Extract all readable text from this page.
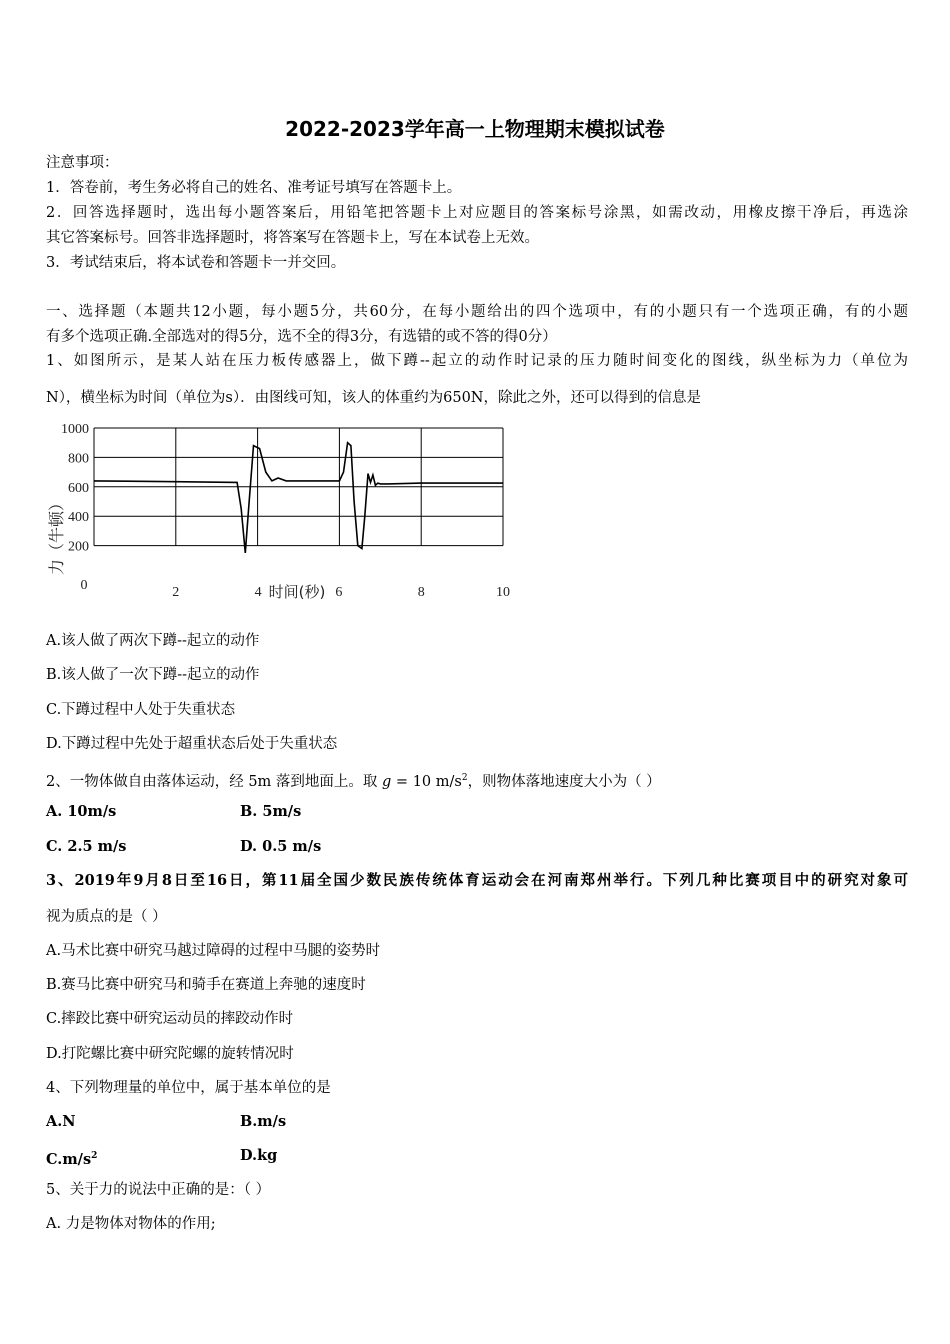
2022-2023学年高一上物理期末模拟试卷
注意事项：
1．答卷前，考生务必将自己的姓名、准考证号填写在答题卡上。
2．回答选择题时，选出每小题答案后，用铅笔把答题卡上对应题目的答案标号涂黑，如需改动，用橡皮擦干净后，再选涂
其它答案标号。回答非选择题时，将答案写在答题卡上，写在本试卷上无效。
3．考试结束后，将本试卷和答题卡一并交回。
一、选择题（本题共12小题，每小题5分，共60分，在每小题给出的四个选项中，有的小题只有一个选项正确，有的小题
有多个选项正确.全部选对的得5分，选不全的得3分，有选错的或不答的得0分）
1、如图所示，是某人站在压力板传感器上，做下蹲--起立的动作时记录的压力随时间变化的图线，纵坐标为力（单位为
N），横坐标为时间（单位为s）．由图线可知，该人的体重约为650N，除此之外，还可以得到的信息是
200
400
600
800
1000
0	2	4	6	8	10
力（牛顿）
时间(秒)
A.该人做了两次下蹲--起立的动作
B.该人做了一次下蹲--起立的动作
C.下蹲过程中人处于失重状态
D.下蹲过程中先处于超重状态后处于失重状态
2、一物体做自由落体运动，经 5m 落到地面上。取 g = 10 $m/s^2$，则物体落地速度大小为（ ）
A. 10m/s	B. 5m/s
C. 2.5 m/s	D. 0.5 m/s
3、2019年9月8日至16日，第11届全国少数民族传统体育运动会在河南郑州举行。下列几种比赛项目中的研究对象可
视为质点的是（ ）
A.马术比赛中研究马越过障碍的过程中马腿的姿势时
B.赛马比赛中研究马和骑手在赛道上奔驰的速度时
C.摔跤比赛中研究运动员的摔跤动作时
D.打陀螺比赛中研究陀螺的旋转情况时
4、下列物理量的单位中，属于基本单位的是
A.N	B.m/s
$C.m/s^2$	D.kg
5、关于力的说法中正确的是：（ ）
A. 力是物体对物体的作用;
